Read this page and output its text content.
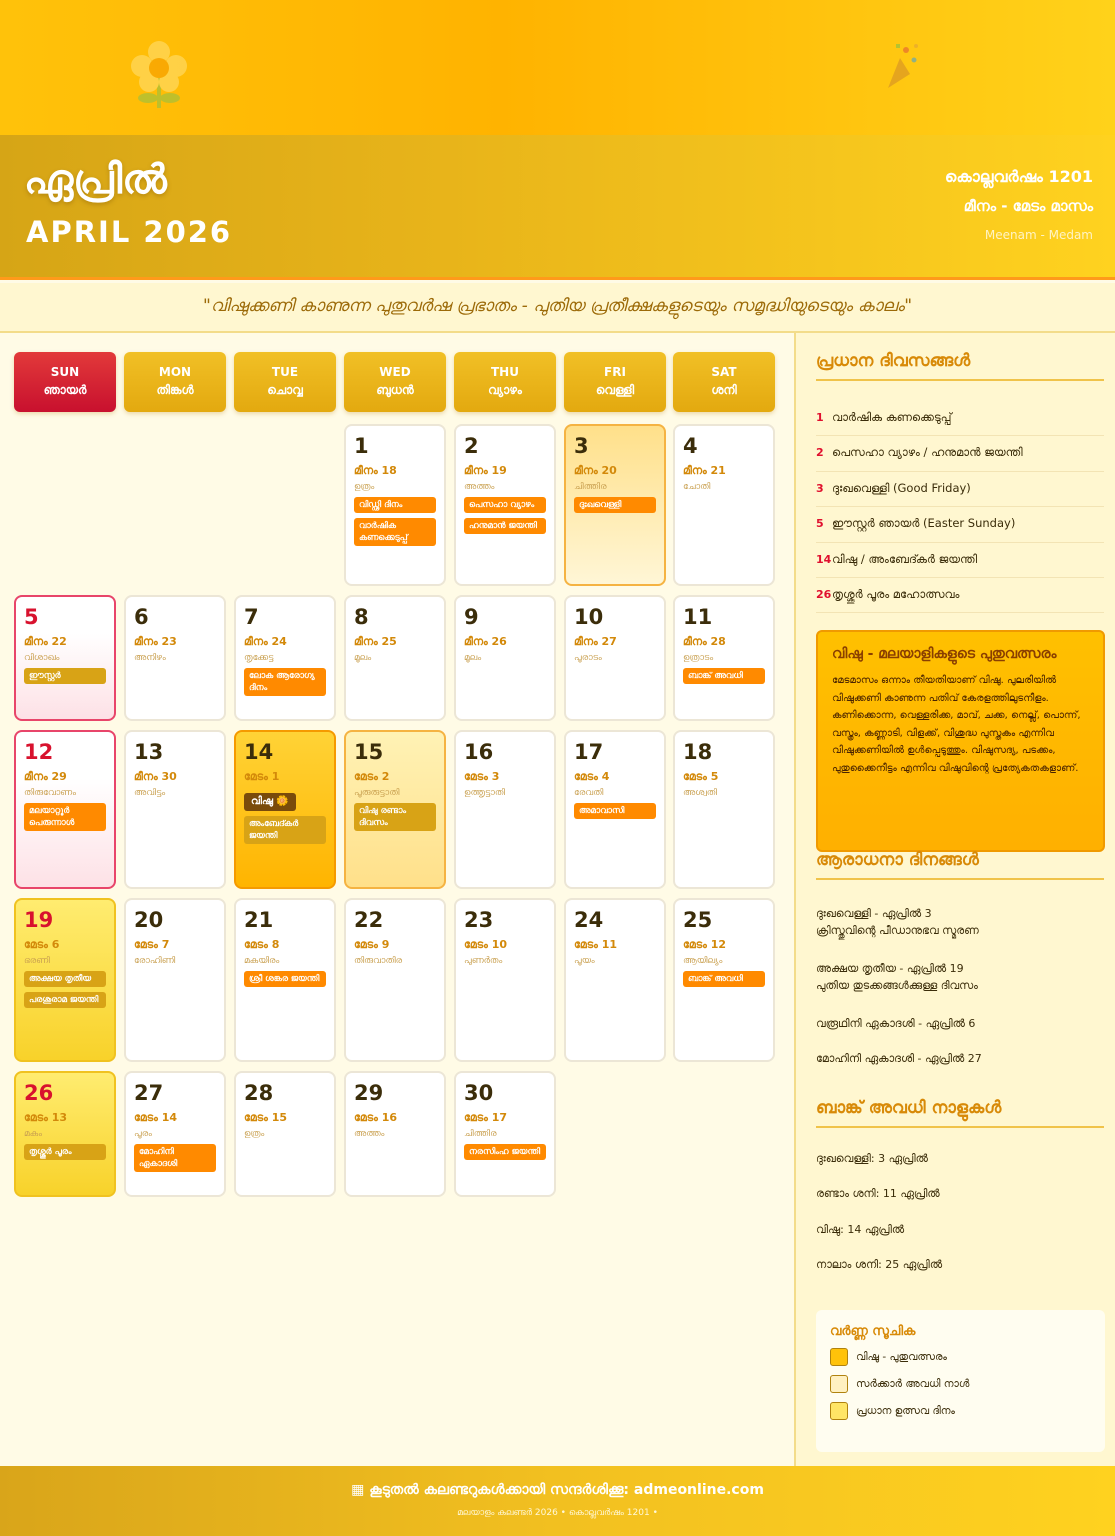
ഏപ്രിൽ
APRIL 2026
കൊല്ലവർഷം 1201
മീനം - മേടം മാസം
Meenam - Medam
"വിഷുക്കണി കാണുന്ന പുതുവർഷ പ്രഭാതം - പുതിയ പ്രതീക്ഷകളുടെയും സമൃദ്ധിയുടെയും കാലം"
SUN
ഞായർ
MON
തിങ്കൾ
TUE
ചൊവ്വ
WED
ബുധൻ
THU
വ്യാഴം
FRI
വെള്ളി
SAT
ശനി
1
മീനം 18
ഉത്രം
വിഡ്ഢി ദിനം
വാർഷിക കണക്കെടുപ്പ്
2
മീനം 19
അത്തം
പെസഹാ വ്യാഴം
ഹനുമാൻ ജയന്തി
3
മീനം 20
ചിത്തിര
ദുഃഖവെള്ളി
4
മീനം 21
ചോതി
5
മീനം 22
വിശാഖം
ഈസ്റ്റർ
6
മീനം 23
അനിഴം
7
മീനം 24
തൃക്കേട്ട
ലോക ആരോഗ്യ ദിനം
8
മീനം 25
മൂലം
9
മീനം 26
മൂലം
10
മീനം 27
പൂരാടം
11
മീനം 28
ഉത്രാടം
ബാങ്ക് അവധി
12
മീനം 29
തിരുവോണം
മലയാറ്റൂർ പെരുന്നാൾ
13
മീനം 30
അവിട്ടം
14
മേടം 1
വിഷു 🌼
അംബേദ്കർ ജയന്തി
15
മേടം 2
പൂരുരുട്ടാതി
വിഷു രണ്ടാം ദിവസം
16
മേടം 3
ഉത്തൃട്ടാതി
17
മേടം 4
രേവതി
അമാവാസി
18
മേടം 5
അശ്വതി
19
മേടം 6
ഭരണി
അക്ഷയ തൃതീയ
പരശുരാമ ജയന്തി
20
മേടം 7
രോഹിണി
21
മേടം 8
മകയിരം
ശ്രീ ശങ്കര ജയന്തി
22
മേടം 9
തിരുവാതിര
23
മേടം 10
പുണർതം
24
മേടം 11
പൂയം
25
മേടം 12
ആയില്യം
ബാങ്ക് അവധി
26
മേടം 13
മകം
തൃശ്ശൂർ പൂരം
27
മേടം 14
പൂരം
മോഹിനി ഏകാദശി
28
മേടം 15
ഉത്രം
29
മേടം 16
അത്തം
30
മേടം 17
ചിത്തിര
നരസിംഹ ജയന്തി
പ്രധാന ദിവസങ്ങൾ
1 വാർഷിക കണക്കെടുപ്പ്
2 പെസഹാ വ്യാഴം / ഹനുമാൻ ജയന്തി
3 ദുഃഖവെള്ളി (Good Friday)
5 ഈസ്റ്റർ ഞായർ (Easter Sunday)
14വിഷു / അംബേദ്കർ ജയന്തി
26തൃശ്ശൂർ പൂരം മഹോത്സവം
വിഷു - മലയാളികളുടെ പുതുവത്സരം

മേടമാസം ഒന്നാം തീയതിയാണ് വിഷു. പുലരിയിൽ വിഷുക്കണി കാണുന്ന പതിവ് കേരളത്തിലുടനീളം. കണിക്കൊന്ന, വെള്ളരിക്ക, മാവ്, ചക്ക, നെല്ല്, പൊന്ന്, വസ്ത്രം, കണ്ണാടി, വിളക്ക്, വിശുദ്ധ പുസ്തകം എന്നിവ വിഷുക്കണിയിൽ ഉൾപ്പെടുത്തും. വിഷുസദ്യ, പടക്കം, പുതുക്കൈനീട്ടം എന്നിവ വിഷുവിന്റെ പ്രത്യേകതകളാണ്.

ആരാധനാ ദിനങ്ങൾ
ദുഃഖവെള്ളി - ഏപ്രിൽ 3
ക്രിസ്തുവിന്റെ പീഡാനുഭവ സ്മരണ
അക്ഷയ തൃതീയ - ഏപ്രിൽ 19
പുതിയ തുടക്കങ്ങൾക്കുള്ള ദിവസം
വരൂഥിനി ഏകാദശി - ഏപ്രിൽ 6
മോഹിനി ഏകാദശി - ഏപ്രിൽ 27
ബാങ്ക് അവധി നാളുകൾ
ദുഃഖവെള്ളി: 3 ഏപ്രിൽ
രണ്ടാം ശനി: 11 ഏപ്രിൽ
വിഷു: 14 ഏപ്രിൽ
നാലാം ശനി: 25 ഏപ്രിൽ
വർണ്ണ സൂചിക
വിഷു - പുതുവത്സരം
സർക്കാർ അവധി നാൾ
പ്രധാന ഉത്സവ ദിനം
▦ കൂടുതൽ കലണ്ടറുകൾക്കായി സന്ദർശിക്കൂ: admeonline.com
മലയാളം കലണ്ടർ 2026 • കൊല്ലവർഷം 1201 •
